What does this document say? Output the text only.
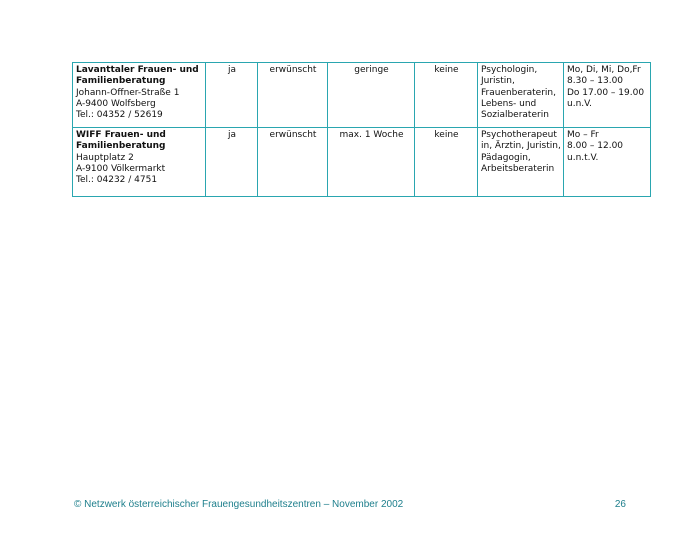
Lavanttaler Frauen- und
Familienberatung
Johann-Offner-Straße 1
A-9400 Wolfsberg
Tel.: 04352 / 52619	ja	erwünscht	geringe	keine	Psychologin,
Juristin,
Frauenberaterin,
Lebens- und
Sozialberaterin	Mo, Di, Mi, Do,Fr
8.30 – 13.00
Do 17.00 – 19.00
u.n.V.

WIFF Frauen- und
Familienberatung
Hauptplatz 2
A-9100 Völkermarkt
Tel.: 04232 / 4751	ja	erwünscht	max. 1 Woche	keine	Psychotherapeut
in, Ärztin, Juristin,
Pädagogin,
Arbeitsberaterin	Mo – Fr
8.00 – 12.00
u.n.t.V.
© Netzwerk österreichischer Frauengesundheitszentren – November 2002	26
